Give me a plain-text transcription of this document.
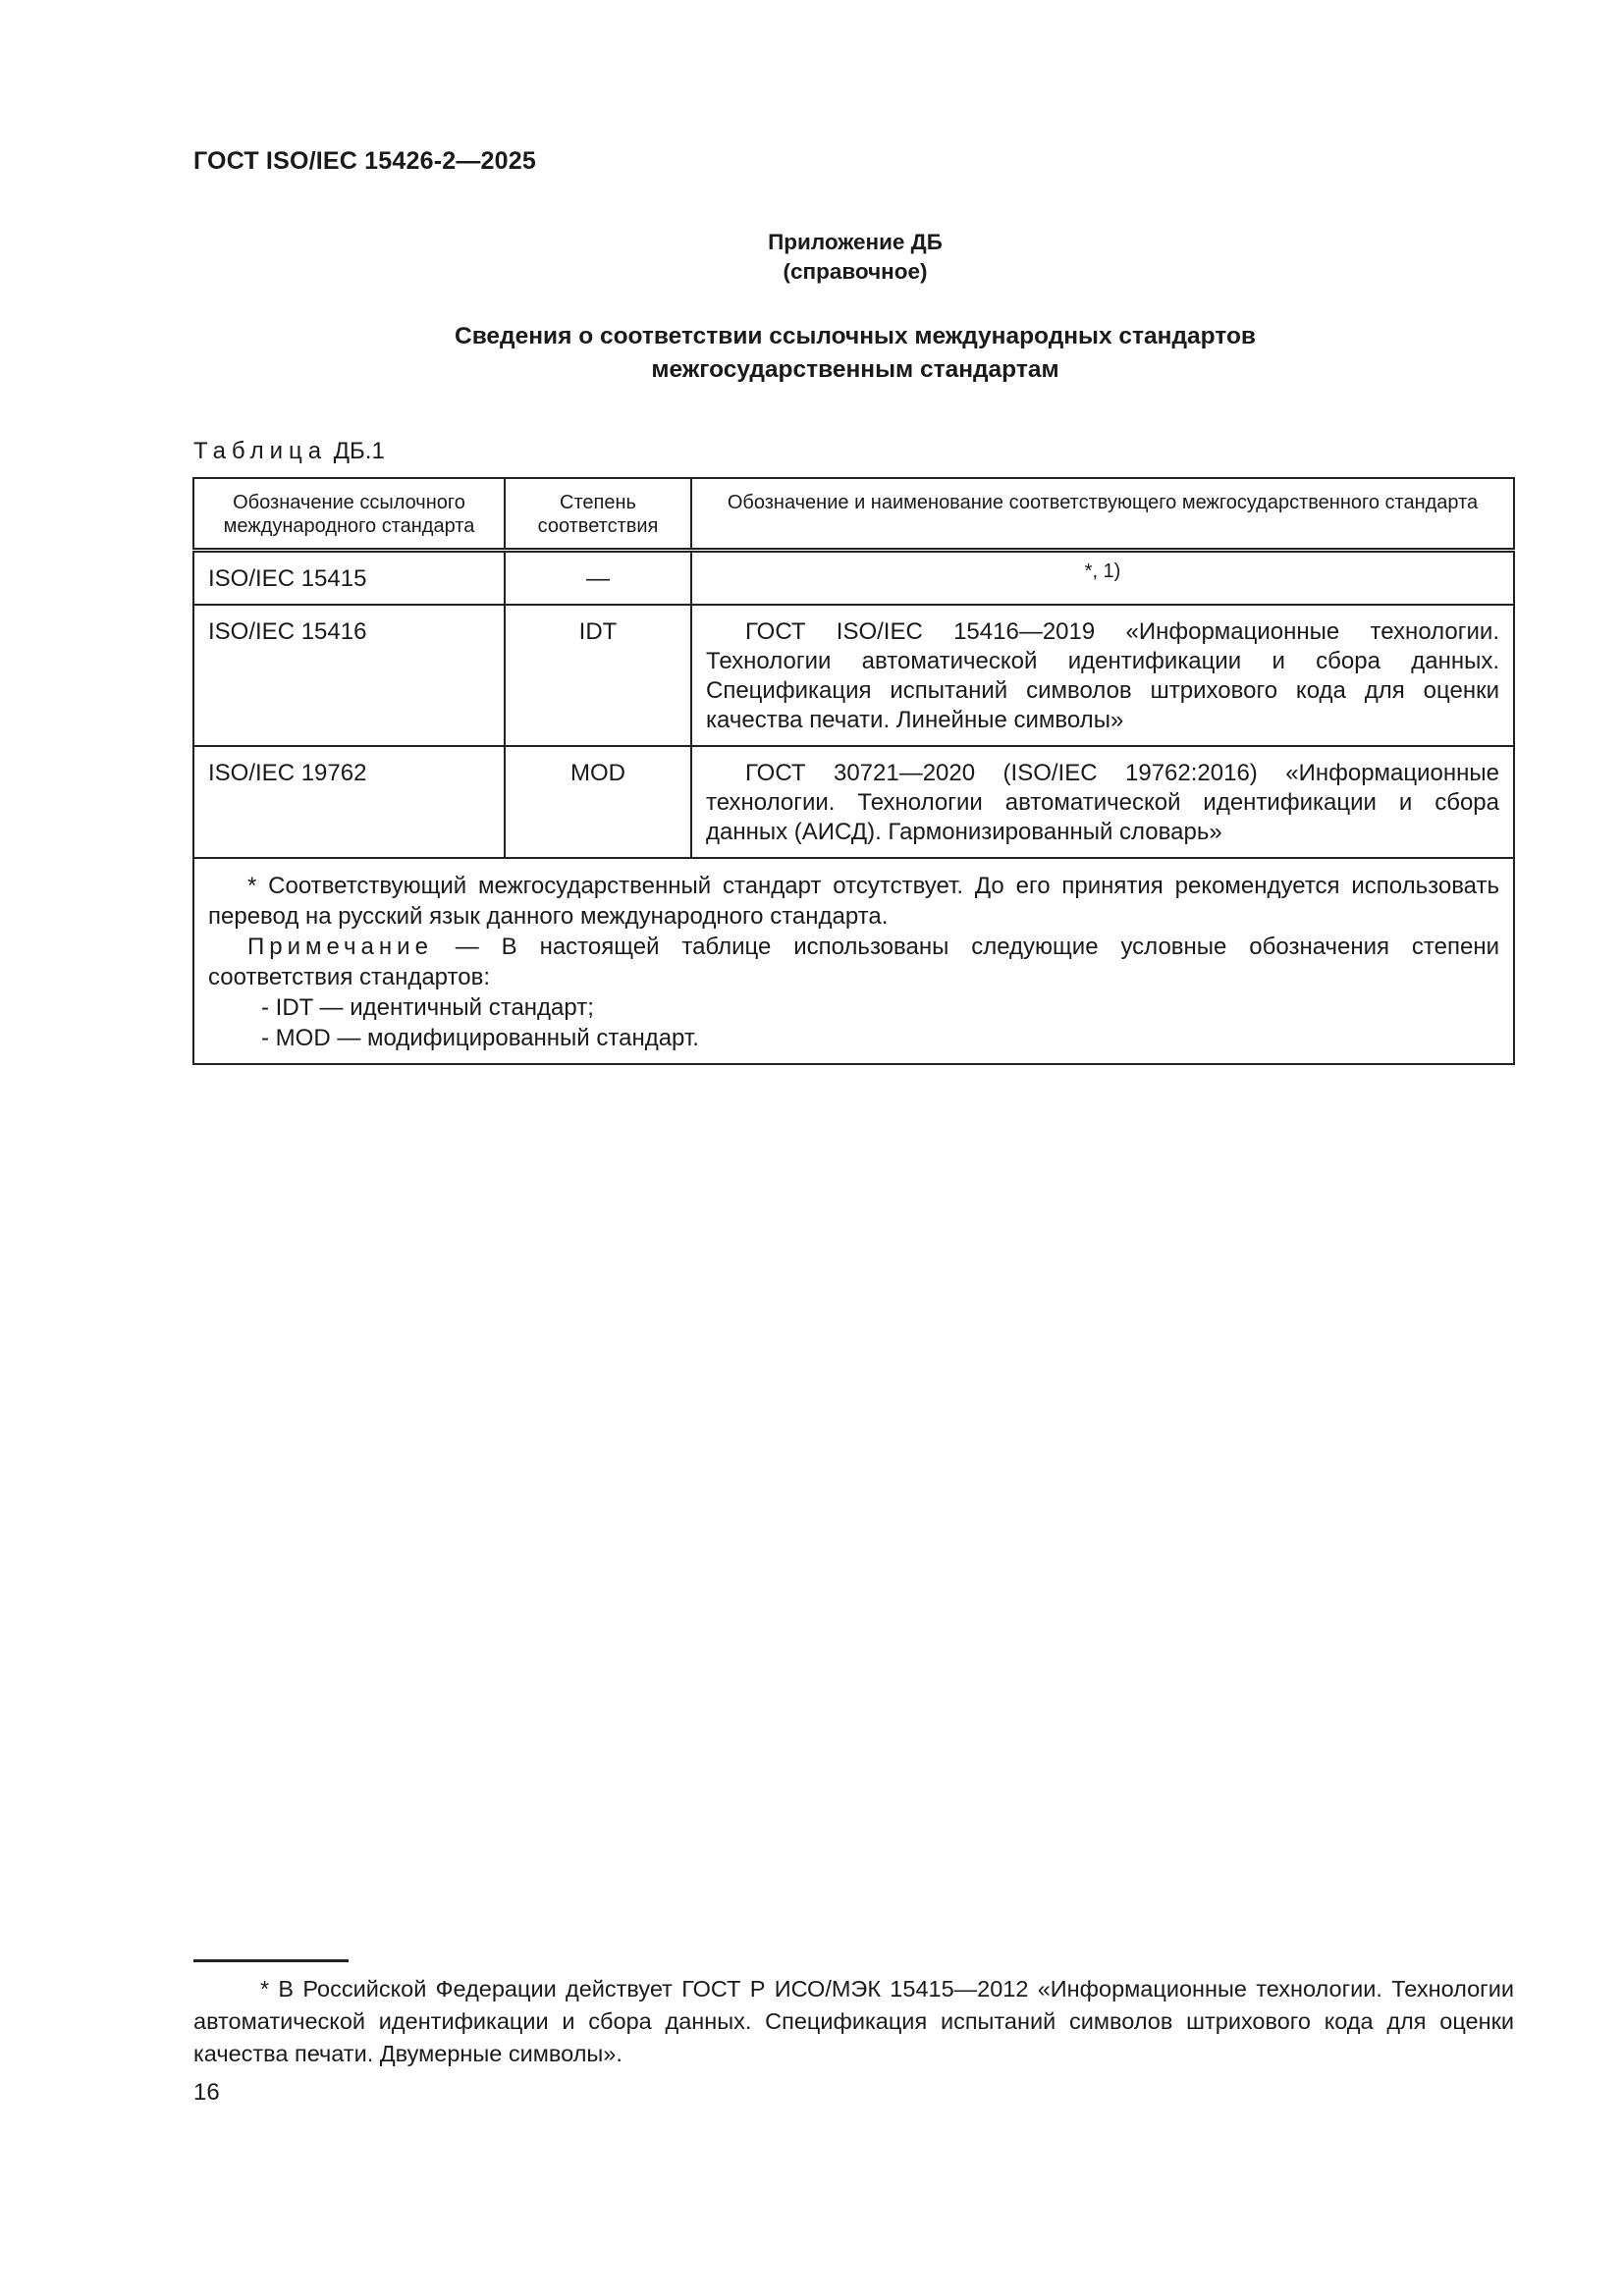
ГОСТ ISO/IEC 15426-2—2025
Приложение ДБ
(справочное)
Сведения о соответствии ссылочных международных стандартов
межгосударственным стандартам
Таблица ДБ.1
Обозначение ссылочного международного стандарта	Степень соответствия	Обозначение и наименование соответствующего межгосударственного стандарта
ISO/IEC 15415	—	*, 1)
ISO/IEC 15416	IDT	ГОСТ ISO/IEC 15416—2019 «Информационные технологии. Технологии автоматической идентификации и сбора данных. Спецификация испытаний символов штрихового кода для оценки качества печати. Линейные символы»
ISO/IEC 19762	MOD	ГОСТ 30721—2020 (ISO/IEC 19762:2016) «Информационные технологии. Технологии автоматической идентификации и сбора данных (АИСД). Гармонизированный словарь»

* Соответствующий межгосударственный стандарт отсутствует. До его принятия рекомендуется использовать перевод на русский язык данного международного стандарта.

Примечание — В настоящей таблице использованы следующие условные обозначения степени соответствия стандартов:

- IDT — идентичный стандарт;

- MOD — модифицированный стандарт.		

* В Российской Федерации действует ГОСТ Р ИСО/МЭК 15415—2012 «Информационные технологии. Технологии автоматической идентификации и сбора данных. Спецификация испытаний символов штрихового кода для оценки качества печати. Двумерные символы».
16
